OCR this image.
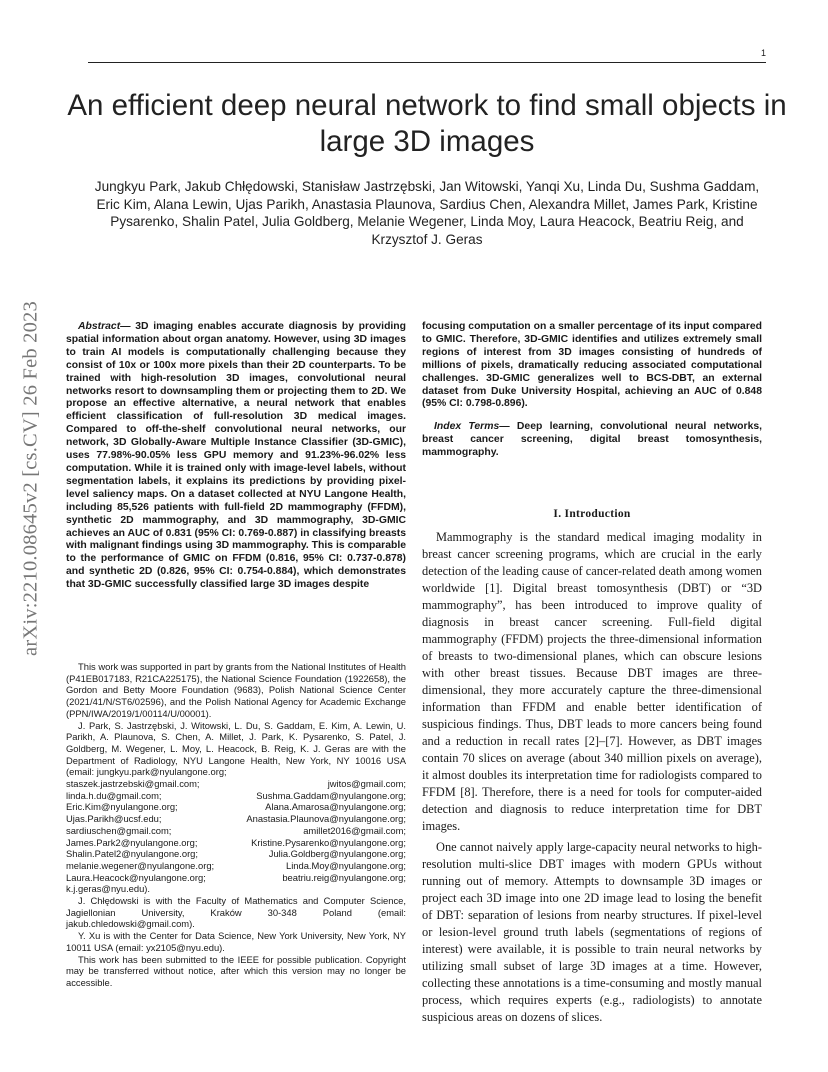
1
arXiv:2210.08645v2 [cs.CV] 26 Feb 2023
An efficient deep neural network to find small objects in large 3D images

Jungkyu Park, Jakub Chłędowski, Stanisław Jastrzębski, Jan Witowski, Yanqi Xu, Linda Du, Sushma Gaddam, Eric Kim, Alana Lewin, Ujas Parikh, Anastasia Plaunova, Sardius Chen, Alexandra Millet, James Park, Kristine Pysarenko, Shalin Patel, Julia Goldberg, Melanie Wegener, Linda Moy, Laura Heacock, Beatriu Reig, and Krzysztof J. Geras

Abstract— 3D imaging enables accurate diagnosis by providing spatial information about organ anatomy. However, using 3D images to train AI models is computationally challenging because they consist of 10x or 100x more pixels than their 2D counterparts. To be trained with high-resolution 3D images, convolutional neural networks resort to downsampling them or projecting them to 2D. We propose an effective alternative, a neural network that enables efficient classification of full-resolution 3D medical images. Compared to off-the-shelf convolutional neural networks, our network, 3D Globally-Aware Multiple Instance Classifier (3D-GMIC), uses 77.98%-90.05% less GPU memory and 91.23%-96.02% less computation. While it is trained only with image-level labels, without segmentation labels, it explains its predictions by providing pixel-level saliency maps. On a dataset collected at NYU Langone Health, including 85,526 patients with full-field 2D mammography (FFDM), synthetic 2D mammography, and 3D mammography, 3D-GMIC achieves an AUC of 0.831 (95% CI: 0.769-0.887) in classifying breasts with malignant findings using 3D mammography. This is comparable to the performance of GMIC on FFDM (0.816, 95% CI: 0.737-0.878) and synthetic 2D (0.826, 95% CI: 0.754-0.884), which demonstrates that 3D-GMIC successfully classified large 3D images despite

This work was supported in part by grants from the National Institutes of Health (P41EB017183, R21CA225175), the National Science Foundation (1922658), the Gordon and Betty Moore Foundation (9683), Polish National Science Center (2021/41/N/ST6/02596), and the Polish National Agency for Academic Exchange (PPN/IWA/2019/1/00114/U/00001).

J. Park, S. Jastrzębski, J. Witowski, L. Du, S. Gaddam, E. Kim, A. Lewin, U. Parikh, A. Plaunova, S. Chen, A. Millet, J. Park, K. Pysarenko, S. Patel, J. Goldberg, M. Wegener, L. Moy, L. Heacock, B. Reig, K. J. Geras are with the Department of Radiology, NYU Langone Health, New York, NY 10016 USA (email: jungkyu.park@nyulangone.org;

staszek.jastrzebski@gmail.com;	jwitos@gmail.com;
linda.h.du@gmail.com;	Sushma.Gaddam@nyulangone.org;
Eric.Kim@nyulangone.org;	Alana.Amarosa@nyulangone.org;
Ujas.Parikh@ucsf.edu;	Anastasia.Plaunova@nyulangone.org;
sardiuschen@gmail.com;	amillet2016@gmail.com;
James.Park2@nyulangone.org;	Kristine.Pysarenko@nyulangone.org;
Shalin.Patel2@nyulangone.org;	Julia.Goldberg@nyulangone.org;
melanie.wegener@nyulangone.org;	Linda.Moy@nyulangone.org;
Laura.Heacock@nyulangone.org;	beatriu.reig@nyulangone.org;
k.j.geras@nyu.edu).

J. Chłędowski is with the Faculty of Mathematics and Computer Science, Jagiellonian University, Kraków 30-348 Poland (email: jakub.chledowski@gmail.com).

Y. Xu is with the Center for Data Science, New York University, New York, NY 10011 USA (email: yx2105@nyu.edu).

This work has been submitted to the IEEE for possible publication. Copyright may be transferred without notice, after which this version may no longer be accessible.

focusing computation on a smaller percentage of its input compared to GMIC. Therefore, 3D-GMIC identifies and utilizes extremely small regions of interest from 3D images consisting of hundreds of millions of pixels, dramatically reducing associated computational challenges. 3D-GMIC generalizes well to BCS-DBT, an external dataset from Duke University Hospital, achieving an AUC of 0.848 (95% CI: 0.798-0.896).

Index Terms— Deep learning, convolutional neural networks, breast cancer screening, digital breast tomosynthesis, mammography.

I. Introduction

Mammography is the standard medical imaging modality in breast cancer screening programs, which are crucial in the early detection of the leading cause of cancer-related death among women worldwide [1]. Digital breast tomosynthesis (DBT) or “3D mammography”, has been introduced to improve quality of diagnosis in breast cancer screening. Full-field digital mammography (FFDM) projects the three-dimensional information of breasts to two-dimensional planes, which can obscure lesions with other breast tissues. Because DBT images are three-dimensional, they more accurately capture the three-dimensional information than FFDM and enable better identification of suspicious findings. Thus, DBT leads to more cancers being found and a reduction in recall rates [2]–[7]. However, as DBT images contain 70 slices on average (about 340 million pixels on average), it almost doubles its interpretation time for radiologists compared to FFDM [8]. Therefore, there is a need for tools for computer-aided detection and diagnosis to reduce interpretation time for DBT images.

One cannot naively apply large-capacity neural networks to high-resolution multi-slice DBT images with modern GPUs without running out of memory. Attempts to downsample 3D images or project each 3D image into one 2D image lead to losing the benefit of DBT: separation of lesions from nearby structures. If pixel-level or lesion-level ground truth labels (segmentations of regions of interest) were available, it is possible to train neural networks by utilizing small subset of large 3D images at a time. However, collecting these annotations is a time-consuming and mostly manual process, which requires experts (e.g., radiologists) to annotate suspicious areas on dozens of slices.
